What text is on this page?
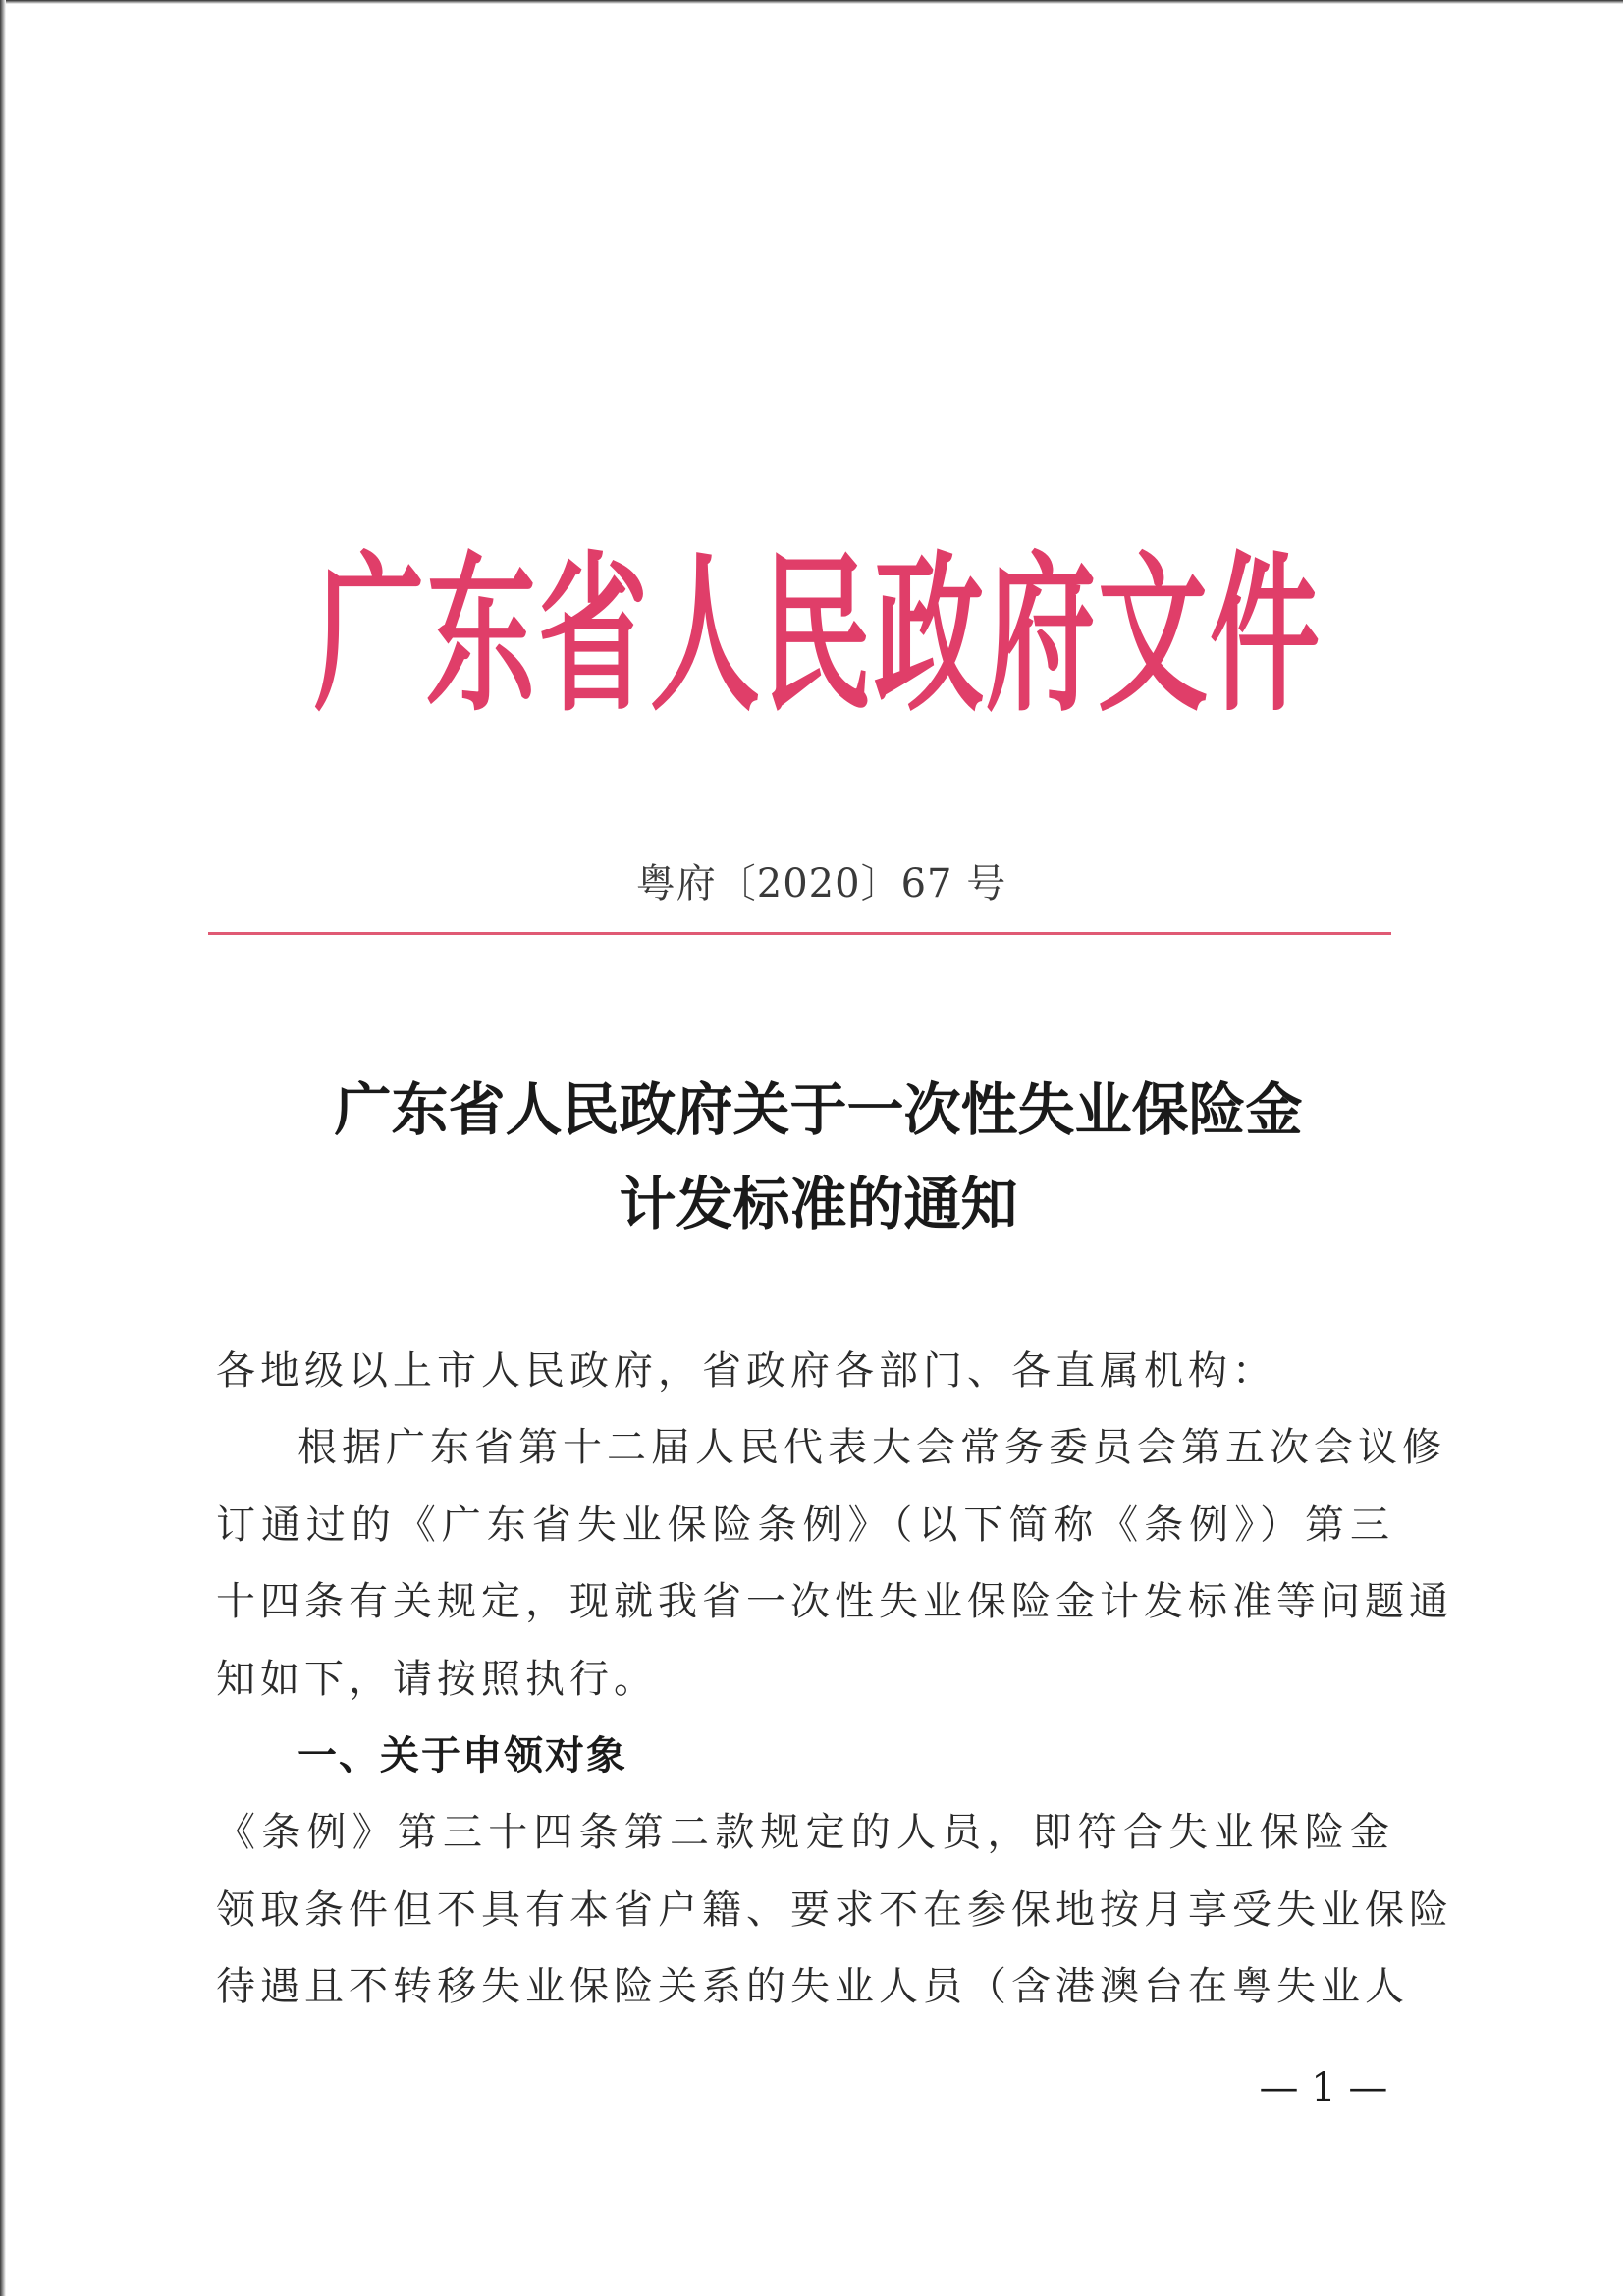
广东省人民政府文件
粤府〔2020〕67 号
广东省人民政府关于一次性失业保险金
计发标准的通知
各地级以上市人民政府，省政府各部门、各直属机构：
根据广东省第十二届人民代表大会常务委员会第五次会议修
订通过的《广东省失业保险条例》（以下简称《条例》）第三
十四条有关规定，现就我省一次性失业保险金计发标准等问题通
知如下，请按照执行。
一、关于申领对象
《条例》第三十四条第二款规定的人员，即符合失业保险金
领取条件但不具有本省户籍、要求不在参保地按月享受失业保险
待遇且不转移失业保险关系的失业人员（含港澳台在粤失业人
— 1 —
